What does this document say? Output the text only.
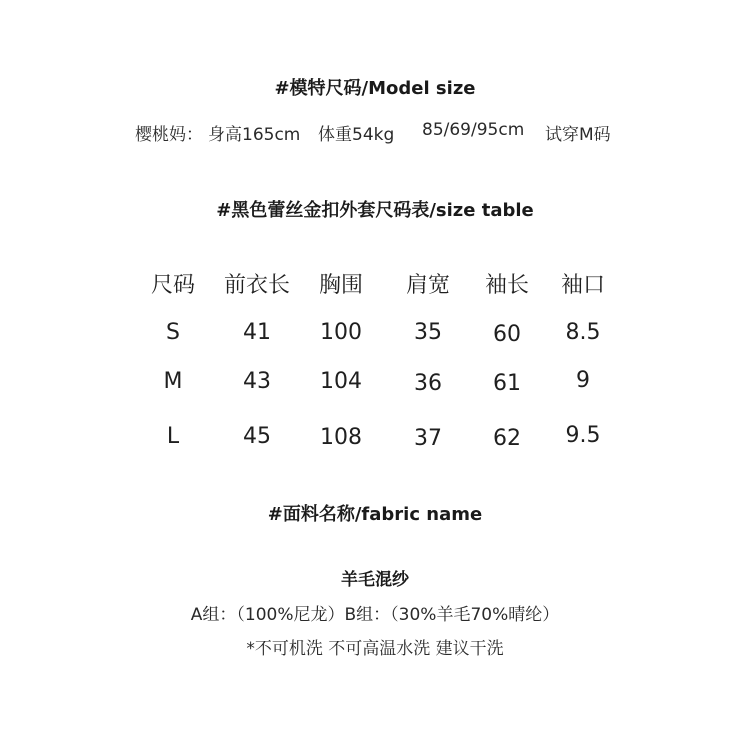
#模特尺码/Model size
樱桃妈： 身高165cm 体重54kg 85/69/95cm 试穿M码
#黑色蕾丝金扣外套尺码表/size table
尺码	前衣长	胸围	肩宽	袖长	袖口
S	41	100	35	60	8.5
M	43	104	36	61	9
L	45	108	37	62	9.5
#面料名称/fabric name
羊毛混纱
A组：（100%尼龙）B组：（30%羊毛70%晴纶）
*不可机洗 不可高温水洗 建议干洗
